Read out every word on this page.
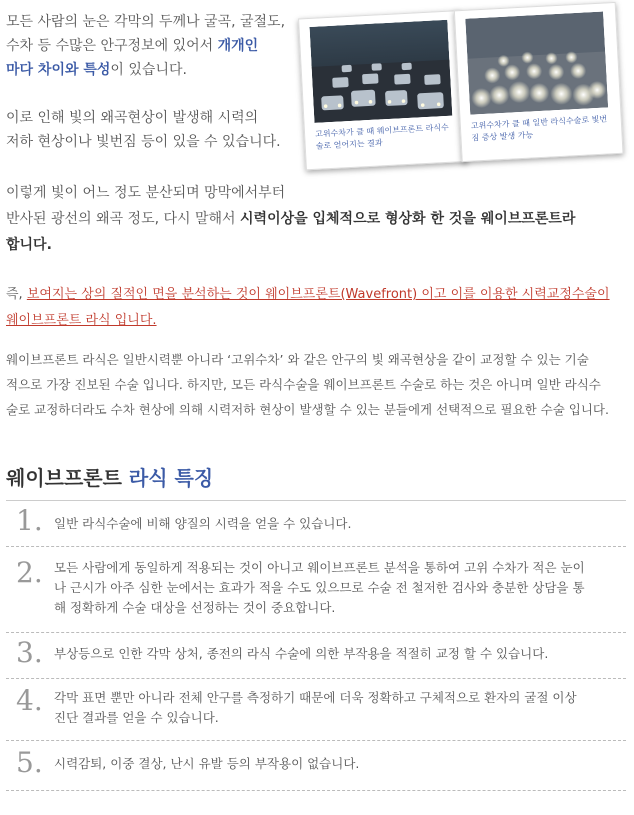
모든 사람의 눈은 각막의 두께나 굴곡, 굴절도,
수차 등 수많은 안구정보에 있어서 개개인
마다 차이와 특성이 있습니다.
이로 인해 빛의 왜곡현상이 발생해 시력의
저하 현상이나 빛번짐 등이 있을 수 있습니다.
이렇게 빛이 어느 정도 분산되며 망막에서부터
반사된 광선의 왜곡 정도, 다시 말해서 시력이상을 입체적으로 형상화 한 것을 웨이브프론트라
합니다.
고위수차가 클 때 웨이브프론트 라식수술로 얻어지는 결과
고위수차가 클 때 일반 라식수술로 빛번짐 증상 발생 가능
즉, 보여지는 상의 질적인 면을 분석하는 것이 웨이브프론트(Wavefront) 이고 이를 이용한 시력교정수술이
웨이브프론트 라식 입니다.
웨이브프론트 라식은 일반시력뿐 아니라 ‘고위수차’ 와 같은 안구의 빛 왜곡현상을 같이 교정할 수 있는 기술
적으로 가장 진보된 수술 입니다. 하지만, 모든 라식수술을 웨이브프론트 수술로 하는 것은 아니며 일반 라식수
술로 교정하더라도 수차 현상에 의해 시력저하 현상이 발생할 수 있는 분들에게 선택적으로 필요한 수술 입니다.
웨이브프론트 라식 특징
1. 일반 라식수술에 비해 양질의 시력을 얻을 수 있습니다.
2. 모든 사람에게 동일하게 적용되는 것이 아니고 웨이브프론트 분석을 통하여 고위 수차가 적은 눈이
나 근시가 아주 심한 눈에서는 효과가 적을 수도 있으므로 수술 전 철저한 검사와 충분한 상담을 통
해 정확하게 수술 대상을 선정하는 것이 중요합니다.
3. 부상등으로 인한 각막 상처, 종전의 라식 수술에 의한 부작용을 적절히 교정 할 수 있습니다.
4. 각막 표면 뿐만 아니라 전체 안구를 측정하기 때문에 더욱 정확하고 구체적으로 환자의 굴절 이상
진단 결과를 얻을 수 있습니다.
5. 시력감퇴, 이중 결상, 난시 유발 등의 부작용이 없습니다.
